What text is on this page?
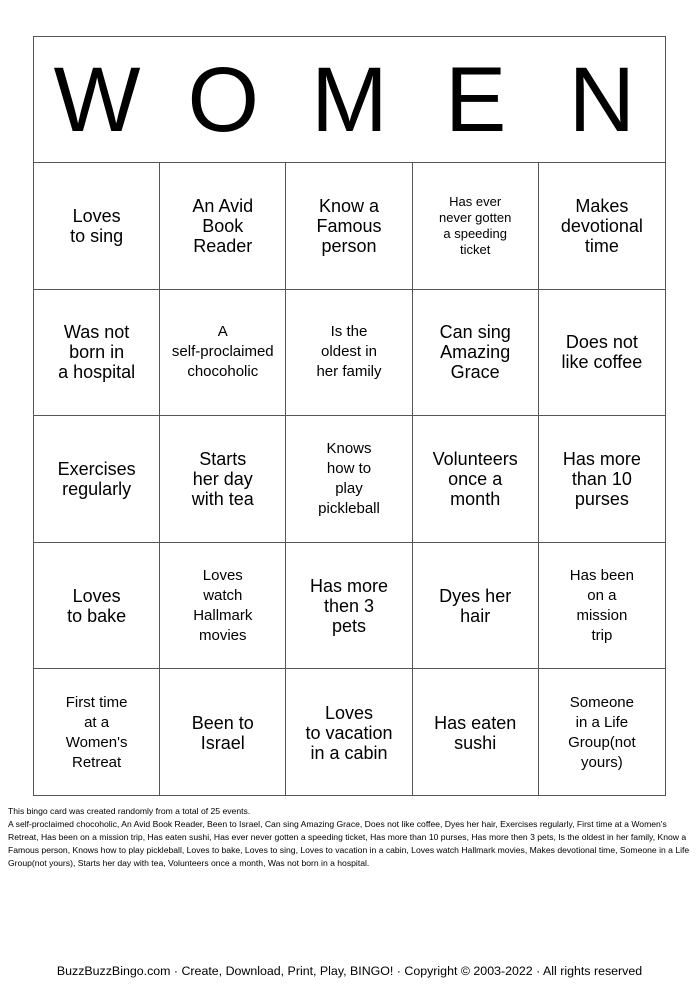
W O M E N
Loves
to sing
An Avid
Book
Reader
Know a
Famous
person
Has ever
never gotten
a speeding
ticket
Makes
devotional
time
Was not
born in
a hospital
A
self-proclaimed
chocoholic
Is the
oldest in
her family
Can sing
Amazing
Grace
Does not
like coffee
Exercises
regularly
Starts
her day
with tea
Knows
how to
play
pickleball
Volunteers
once a
month
Has more
than 10
purses
Loves
to bake
Loves
watch
Hallmark
movies
Has more
then 3
pets
Dyes her
hair
Has been
on a
mission
trip
First time
at a
Women's
Retreat
Been to
Israel
Loves
to vacation
in a cabin
Has eaten
sushi
Someone
in a Life
Group(not
yours)
This bingo card was created randomly from a total of 25 events.
A self-proclaimed chocoholic, An Avid Book Reader, Been to Israel, Can sing Amazing Grace, Does not like coffee, Dyes her hair, Exercises regularly, First time at a Women's Retreat, Has been on a mission trip, Has eaten sushi, Has ever never gotten a speeding ticket, Has more than 10 purses, Has more then 3 pets, Is the oldest in her family, Know a Famous person, Knows how to play pickleball, Loves to bake, Loves to sing, Loves to vacation in a cabin, Loves watch Hallmark movies, Makes devotional time, Someone in a Life Group(not yours), Starts her day with tea, Volunteers once a month, Was not born in a hospital.
BuzzBuzzBingo.com · Create, Download, Print, Play, BINGO! · Copyright © 2003-2022 · All rights reserved
